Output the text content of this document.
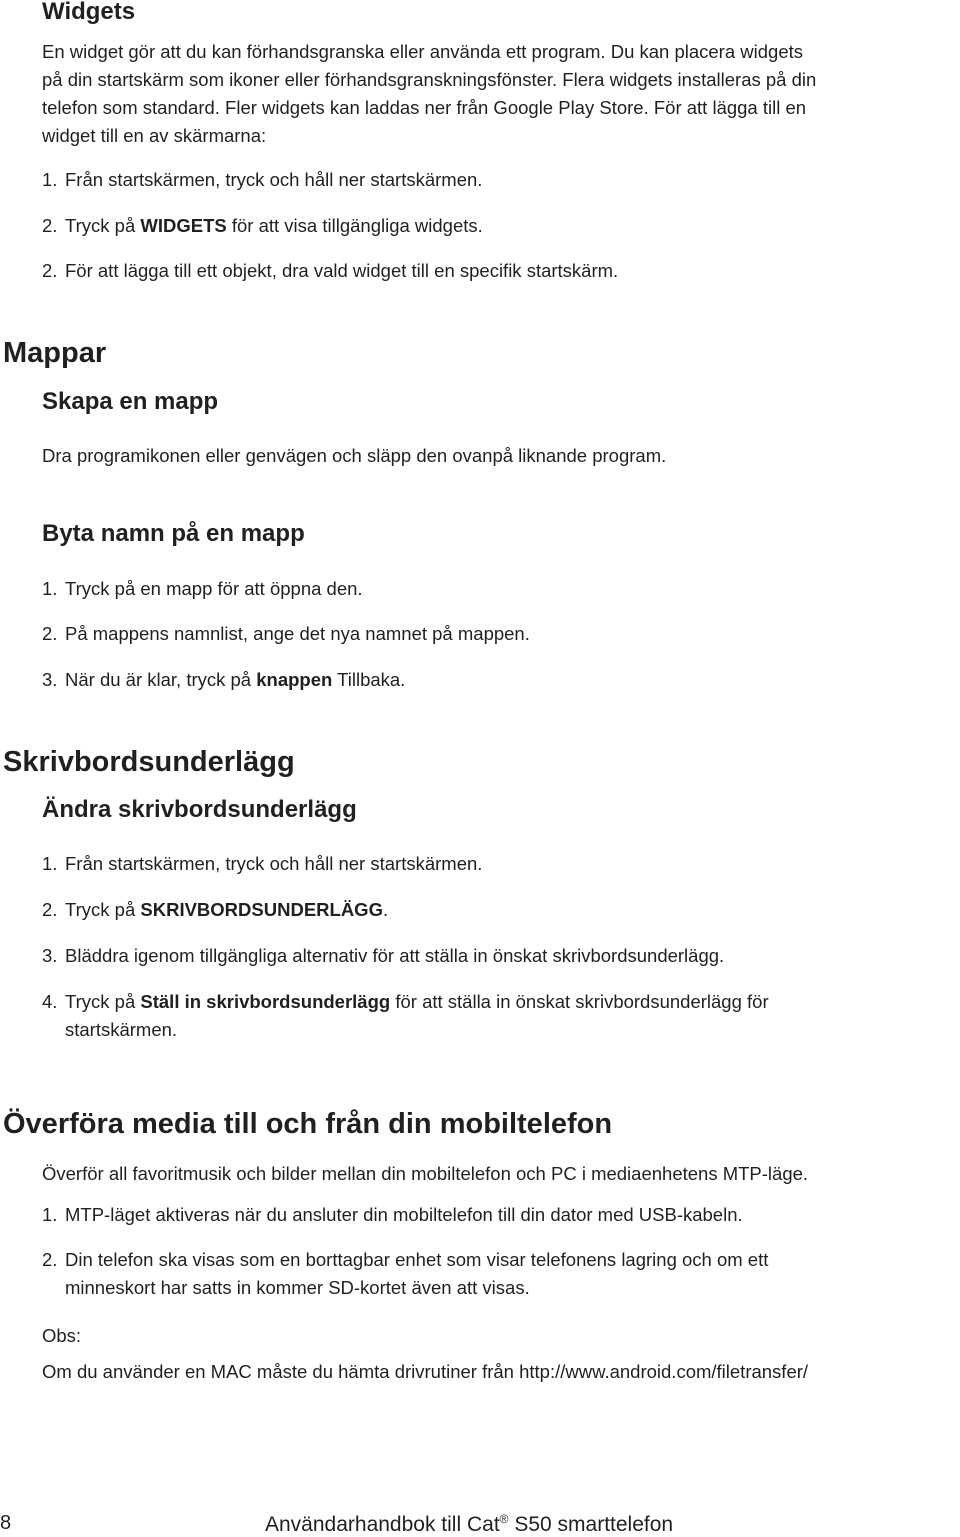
Widgets
En widget gör att du kan förhandsgranska eller använda ett program. Du kan placera widgets
på din startskärm som ikoner eller förhandsgranskningsfönster. Flera widgets installeras på din
telefon som standard. Fler widgets kan laddas ner från Google Play Store. För att lägga till en
widget till en av skärmarna:
1. Från startskärmen, tryck och håll ner startskärmen.
2. Tryck på WIDGETS för att visa tillgängliga widgets.
2. För att lägga till ett objekt, dra vald widget till en specifik startskärm.
Mappar
Skapa en mapp
Dra programikonen eller genvägen och släpp den ovanpå liknande program.
Byta namn på en mapp
1. Tryck på en mapp för att öppna den.
2. På mappens namnlist, ange det nya namnet på mappen.
3. När du är klar, tryck på knappen Tillbaka.
Skrivbordsunderlägg
Ändra skrivbordsunderlägg
1. Från startskärmen, tryck och håll ner startskärmen.
2. Tryck på SKRIVBORDSUNDERLÄGG.
3. Bläddra igenom tillgängliga alternativ för att ställa in önskat skrivbordsunderlägg.
4. Tryck på Ställ in skrivbordsunderlägg för att ställa in önskat skrivbordsunderlägg för
startskärmen.
Överföra media till och från din mobiltelefon
Överför all favoritmusik och bilder mellan din mobiltelefon och PC i mediaenhetens MTP-läge.
1. MTP-läget aktiveras när du ansluter din mobiltelefon till din dator med USB-kabeln.
2. Din telefon ska visas som en borttagbar enhet som visar telefonens lagring och om ett
minneskort har satts in kommer SD-kortet även att visas.
Obs:
Om du använder en MAC måste du hämta drivrutiner från http://www.android.com/filetransfer/
8	Användarhandbok till Cat® S50 smarttelefon
